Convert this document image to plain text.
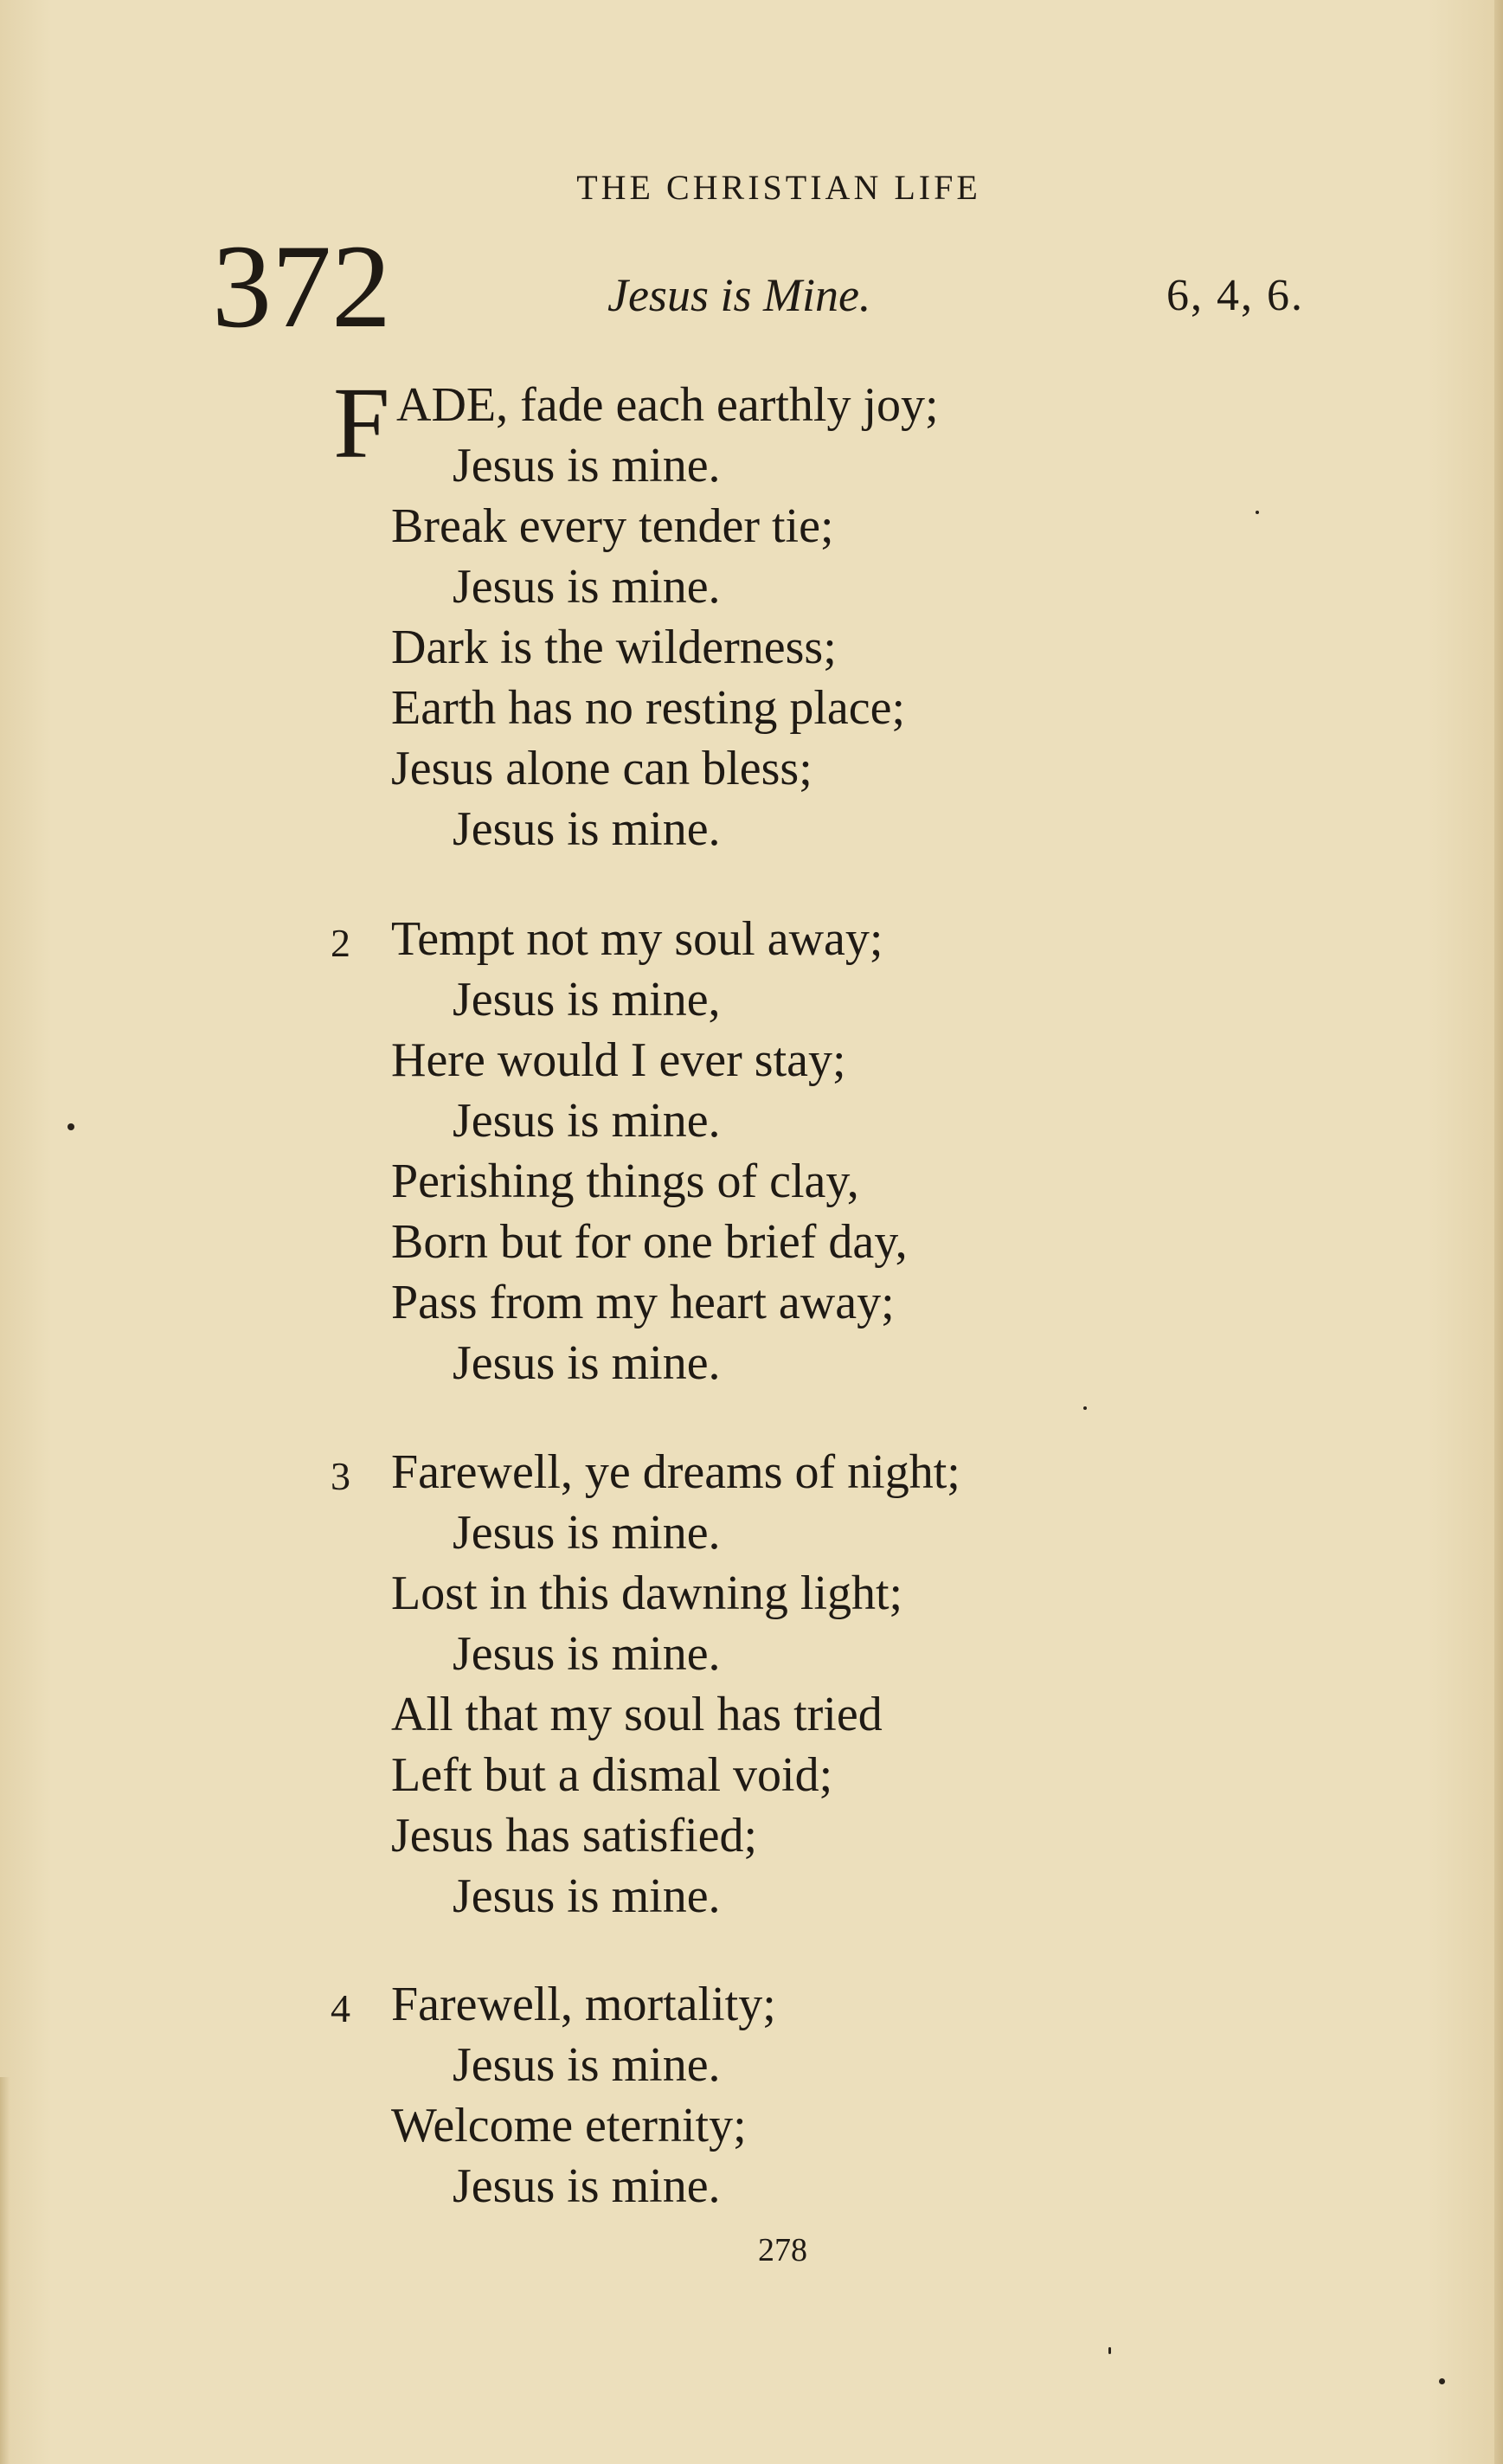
THE CHRISTIAN LIFE
372	Jesus is Mine.	6, 4, 6.
F ADE, fade each earthly joy;
Jesus is mine.
Break every tender tie;
Jesus is mine.
Dark is the wilderness;
Earth has no resting place;
Jesus alone can bless;
Jesus is mine.
2 Tempt not my soul away;
Jesus is mine,
Here would I ever stay;
Jesus is mine.
Perishing things of clay,
Born but for one brief day,
Pass from my heart away;
Jesus is mine.
3 Farewell, ye dreams of night;
Jesus is mine.
Lost in this dawning light;
Jesus is mine.
All that my soul has tried
Left but a dismal void;
Jesus has satisfied;
Jesus is mine.
4 Farewell, mortality;
Jesus is mine.
Welcome eternity;
Jesus is mine.
278
